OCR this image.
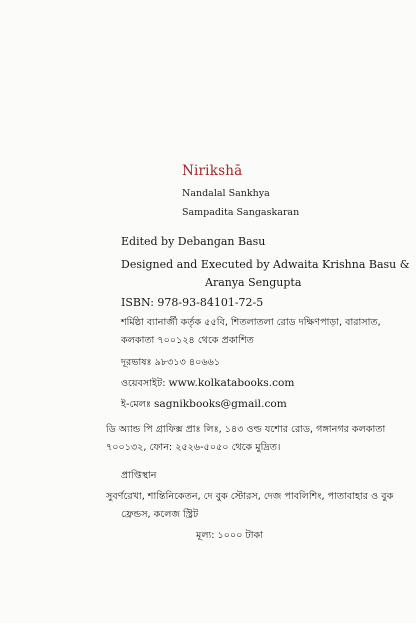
Nirikshā
Nandalal Sankhya
Sampadita Sangaskaran
Edited by Debangan Basu
Designed and Executed by Adwaita Krishna Basu &
Aranya Sengupta
ISBN: 978-93-84101-72-5
শর্মিষ্ঠা ব্যানার্জী কর্তৃক ৫৫বি, শিতলাতলা রোড দক্ষিণপাড়া, বারাসাত,
কলকাতা ৭০০১২৪ থেকে প্রকাশিত
দূরভাষঃ ৯৮৩১৩ ৪০৬৬১
ওয়েবসাইট: www.kolkatabooks.com
ই-মেলঃ sagnikbooks@gmail.com
ডি অ্যান্ড পি গ্রাফিক্স প্রাঃ লিঃ, ১৪৩ ওল্ড যশোর রোড, গঙ্গানগর কলকাতা
৭০০১৩২, ফোন: ২৫২৬-৫০৫০ থেকে মুদ্রিত।
প্রাপ্তিস্থান
সুবর্ণরেখা, শান্তিনিকেতন, দে বুক স্টোরস, দেজ পাবলিশিং, পাতাবাহার ও বুক
ফ্রেন্ডস, কলেজ স্ট্রিট
মূল্য: ১০০০ টাকা
